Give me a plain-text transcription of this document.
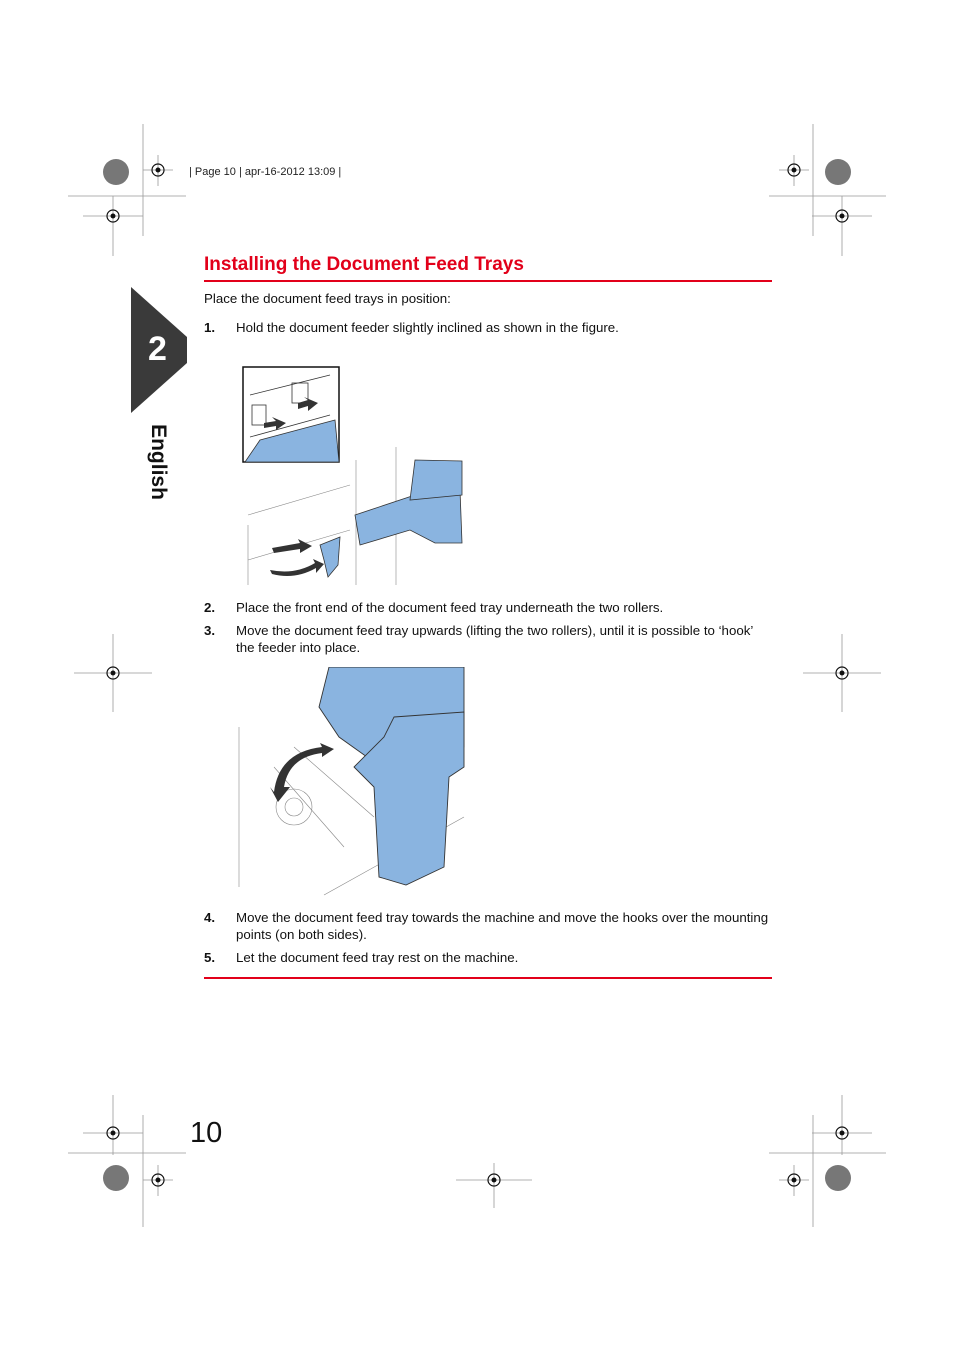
| Page 10 | apr-16-2012 13:09 |
2
English
Installing the Document Feed Trays
Place the document feed trays in position:
1. Hold the document feeder slightly inclined as shown in the figure.
2. Place the front end of the document feed tray underneath the two rollers.
3. Move the document feed tray upwards (lifting the two rollers), until it is possible to ‘hook’ the feeder into place.
4. Move the document feed tray towards the machine and move the hooks over the mounting points (on both sides).
5. Let the document feed tray rest on the machine.
10
